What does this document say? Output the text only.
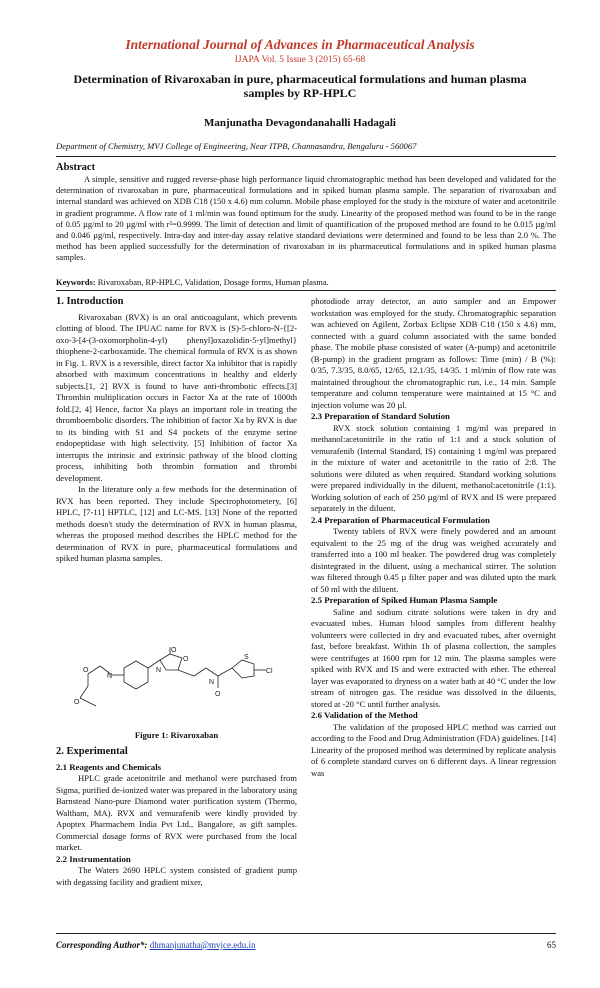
International Journal of Advances in Pharmaceutical Analysis
IJAPA Vol. 5 Issue 3 (2015) 65-68
Determination of Rivaroxaban in pure, pharmaceutical formulations and human plasma samples by RP-HPLC
Manjunatha Devagondanahalli Hadagali
Department of Chemistry, MVJ College of Engineering, Near ITPB, Channasandra, Bengaluru - 560067
Abstract
A simple, sensitive and rugged reverse-phase high performance liquid chromatographic method has been developed and validated for the determination of rivaroxaban in pure, pharmaceutical formulations and in spiked human plasma sample. The separation of rivaroxaban and internal standard was achieved on XDB C18 (150 x 4.6) mm column. Mobile phase employed for the study is the mixture of water and acetonitrile in gradient programme. A flow rate of 1 ml/min was found optimum for the study. Linearity of the proposed method was found to be in the range of 0.05 µg/ml to 20 µg/ml with r²=0.9999. The limit of detection and limit of quantification of the proposed method are found to be 0.015 µg/ml and 0.046 µg/ml, respectively. Intra-day and inter-day assay relative standard deviations were determined and found to be less than 2.0 %. The method has been applied successfully for the determination of rivaroxaban in its pharmaceutical formulations and in spiked human plasma samples.
Keywords: Rivaroxaban, RP-HPLC, Validation, Dosage forms, Human plasma.
1. Introduction

Rivaroxaban (RVX) is an oral anticoagulant, which prevents clotting of blood. The IPUAC name for RVX is (S)-5-chloro-N-{[2-oxo-3-[4-(3-oxomorpholin-4-yl) phenyl]oxazolidin-5-yl]methyl} thiophene-2-carboxamide. The chemical formula of RVX is as shown in Fig. 1. RVX is a reversible, direct factor Xa inhibitor that is rapidly absorbed with maximum concentrations in healthy and elderly subjects.[1, 2] RVX is found to have anti-thrombotic effects.[3] Thrombin multiplication occurs in Factor Xa at the rate of 1000th fold.[2, 4] Hence, factor Xa plays an important role in treating the thromboembolic disorders. The inhibition of factor Xa by RVX is due to its binding with S1 and S4 pockets of the enzyme serine endopeptidase with high selectivity. [5] Inhibition of factor Xa interrupts the intrinsic and extrinsic pathway of the blood clotting process, inhibiting both thrombin formation and thrombi development.

In the literature only a few methods for the determination of RVX has been reported. They include Spectrophotometery, [6] HPLC, [7-11] HPTLC, [12] and LC-MS. [13] None of the reported methods doesn't study the determination of RVX in human plasma, whereas the proposed method describes the HPLC method for the determination of RVX in pure, pharmaceutical formulations and spiked human plasma samples.

O
O
N
N
O
O
O
Cl
S
N
Figure 1: Rivaroxaban
2. Experimental
2.1 Reagents and Chemicals

HPLC grade acetonitrile and methanol were purchased from Sigma, purified de-ionized water was prepared in the laboratory using Barnstead Nano-pure Diamond water purification system (Thermo, Waltham, MA). RVX and vemurafenib were kindly provided by Apoptex Pharmachem India Pvt Ltd., Bangalore, as gift samples. Commercial dosage forms of RVX were purchased from the local market.

2.2 Instrumentation

The Waters 2690 HPLC system consisted of gradient pump with degassing facility and gradient mixer,

photodiode array detector, an auto sampler and an Empower workstation was employed for the study. Chromatographic separation was achieved on Agilent, Zorbax Eclipse XDB C18 (150 x 4.6) mm, connected with a guard column associated with the same bonded phase. The mobile phase consisted of water (A-pump) and acetonitrile (B-pump) in the gradient program as follows: Time (min) / B (%): 0/35, 7.3/35, 8.0/65, 12/65, 12.1/35, 14/35. 1 ml/min of flow rate was maintained throughout the chromatographic run, i.e., 14 min. Sample temperature and column temperature were maintained at 15 °C and injection volume was 20 µl.

2.3 Preparation of Standard Solution

RVX stock solution containing 1 mg/ml was prepared in methanol:acetonitrile in the ratio of 1:1 and a stock solution of vemurafenib (Internal Standard, IS) containing 1 mg/ml was prepared in the mixture of water and acetonitrile in the ratio of 2:8. The solutions were diluted as when required. Standard working solutions were prepared individually in the diluent, methanol:acetonitrile (1:1). Working solution of each of 250 µg/ml of RVX and IS were prepared separately in the diluent.

2.4 Preparation of Pharmaceutical Formulation

Twenty tablets of RVX were finely powdered and an amount equivalent to the 25 mg of the drug was weighed accurately and transferred into a 100 ml beaker. The powdered drug was completely disintegrated in the diluent, using a mechanical stirrer. The solution was filtered through 0.45 µ filter paper and was diluted upto the mark of 50 ml with the diluent.

2.5 Preparation of Spiked Human Plasma Sample

Saline and sodium citrate solutions were taken in dry and evacuated tubes. Human blood samples from different healthy volunteers were collected in dry and evacuated tubes, after overnight fast, before breakfast. Within 1h of plasma collection, the samples were centrifuges at 1600 rpm for 12 min. The plasma samples were spiked with RVX and IS and were extracted with ether. The ethereal layer was evaporated to dryness on a water bath at 40 °C under the low stream of nitrogen gas. The residue was dissolved in the diluents, stored at -20 °C until further analysis.

2.6 Validation of the Method

The validation of the proposed HPLC method was carried out according to the Food and Drug Administration (FDA) guidelines. [14] Linearity of the proposed method was determined by replicate analysis of 6 complete standard curves on 6 different days. A linear regression was

Corresponding Author*: dhmanjunatha@mvjce.edu.in	65
